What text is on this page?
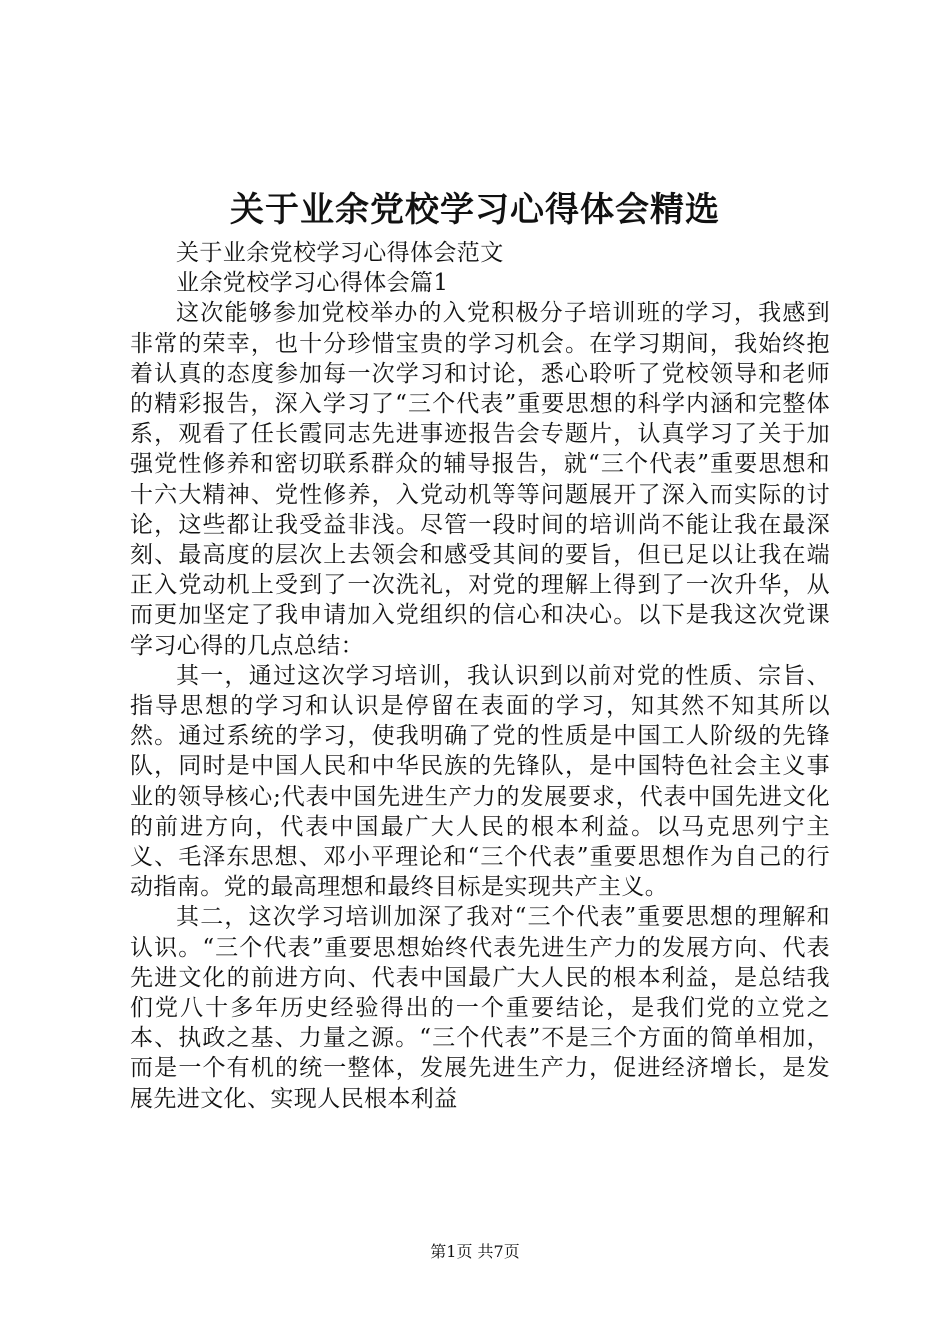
关于业余党校学习心得体会精选

关于业余党校学习心得体会范文

业余党校学习心得体会篇1

这次能够参加党校举办的入党积极分子培训班的学习，我感到非常的荣幸，也十分珍惜宝贵的学习机会。在学习期间，我始终抱着认真的态度参加每一次学习和讨论，悉心聆听了党校领导和老师的精彩报告，深入学习了“三个代表”重要思想的科学内涵和完整体系，观看了任长霞同志先进事迹报告会专题片，认真学习了关于加强党性修养和密切联系群众的辅导报告，就“三个代表”重要思想和十六大精神、党性修养，入党动机等等问题展开了深入而实际的讨论，这些都让我受益非浅。尽管一段时间的培训尚不能让我在最深刻、最高度的层次上去领会和感受其间的要旨，但已足以让我在端正入党动机上受到了一次洗礼，对党的理解上得到了一次升华，从而更加坚定了我申请加入党组织的信心和决心。以下是我这次党课学习心得的几点总结：

其一，通过这次学习培训，我认识到以前对党的性质、宗旨、指导思想的学习和认识是停留在表面的学习，知其然不知其所以然。通过系统的学习，使我明确了党的性质是中国工人阶级的先锋队，同时是中国人民和中华民族的先锋队，是中国特色社会主义事业的领导核心;代表中国先进生产力的发展要求，代表中国先进文化的前进方向，代表中国最广大人民的根本利益。以马克思列宁主义、毛泽东思想、邓小平理论和“三个代表”重要思想作为自己的行动指南。党的最高理想和最终目标是实现共产主义。

其二，这次学习培训加深了我对“三个代表”重要思想的理解和认识。“三个代表”重要思想始终代表先进生产力的发展方向、代表先进文化的前进方向、代表中国最广大人民的根本利益，是总结我们党八十多年历史经验得出的一个重要结论，是我们党的立党之本、执政之基、力量之源。“三个代表”不是三个方面的简单相加，而是一个有机的统一整体，发展先进生产力，促进经济增长，是发展先进文化、实现人民根本利益

第1页 共7页
